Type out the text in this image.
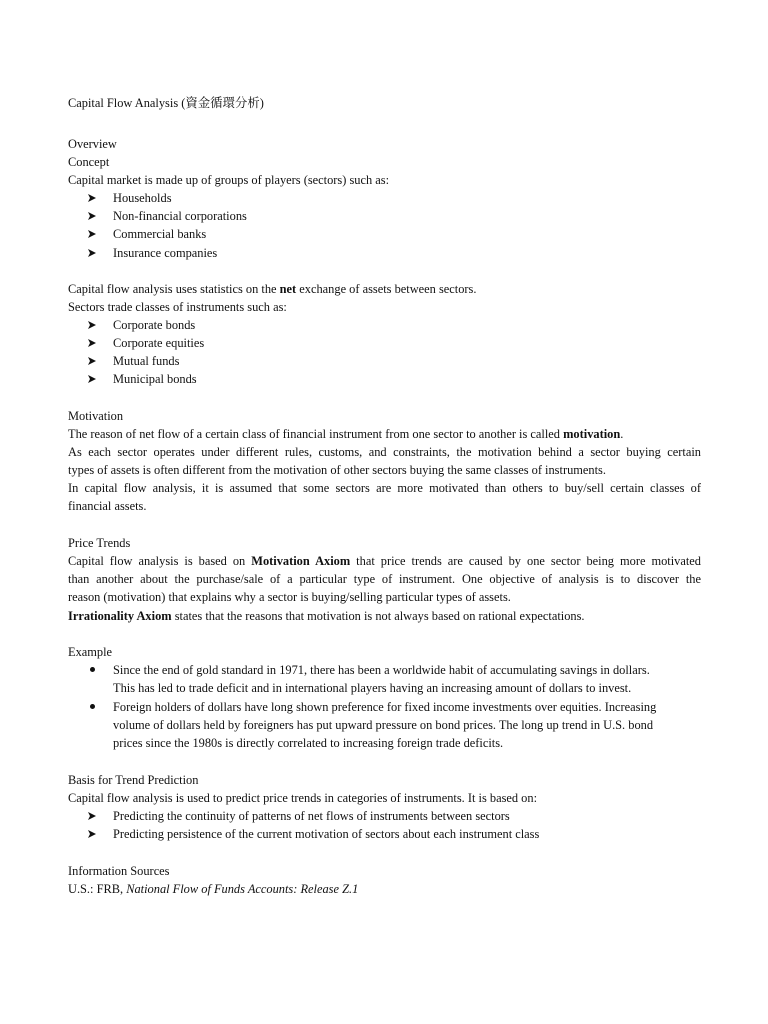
Capital Flow Analysis (資金循環分析)
Overview
Concept
Capital market is made up of groups of players (sectors) such as:
Households
Non-financial corporations
Commercial banks
Insurance companies
Capital flow analysis uses statistics on the net exchange of assets between sectors.
Sectors trade classes of instruments such as:
Corporate bonds
Corporate equities
Mutual funds
Municipal bonds
Motivation
The reason of net flow of a certain class of financial instrument from one sector to another is called motivation.
As each sector operates under different rules, customs, and constraints, the motivation behind a sector buying certain
types of assets is often different from the motivation of other sectors buying the same classes of instruments.
In capital flow analysis, it is assumed that some sectors are more motivated than others to buy/sell certain classes of
financial assets.
Price Trends
Capital flow analysis is based on Motivation Axiom that price trends are caused by one sector being more motivated
than another about the purchase/sale of a particular type of instrument. One objective of analysis is to discover the
reason (motivation) that explains why a sector is buying/selling particular types of assets.
Irrationality Axiom states that the reasons that motivation is not always based on rational expectations.
Example
Since the end of gold standard in 1971, there has been a worldwide habit of accumulating savings in dollars.
This has led to trade deficit and in international players having an increasing amount of dollars to invest.
Foreign holders of dollars have long shown preference for fixed income investments over equities. Increasing
volume of dollars held by foreigners has put upward pressure on bond prices. The long up trend in U.S. bond
prices since the 1980s is directly correlated to increasing foreign trade deficits.
Basis for Trend Prediction
Capital flow analysis is used to predict price trends in categories of instruments. It is based on:
Predicting the continuity of patterns of net flows of instruments between sectors
Predicting persistence of the current motivation of sectors about each instrument class
Information Sources
U.S.: FRB, National Flow of Funds Accounts: Release Z.1
